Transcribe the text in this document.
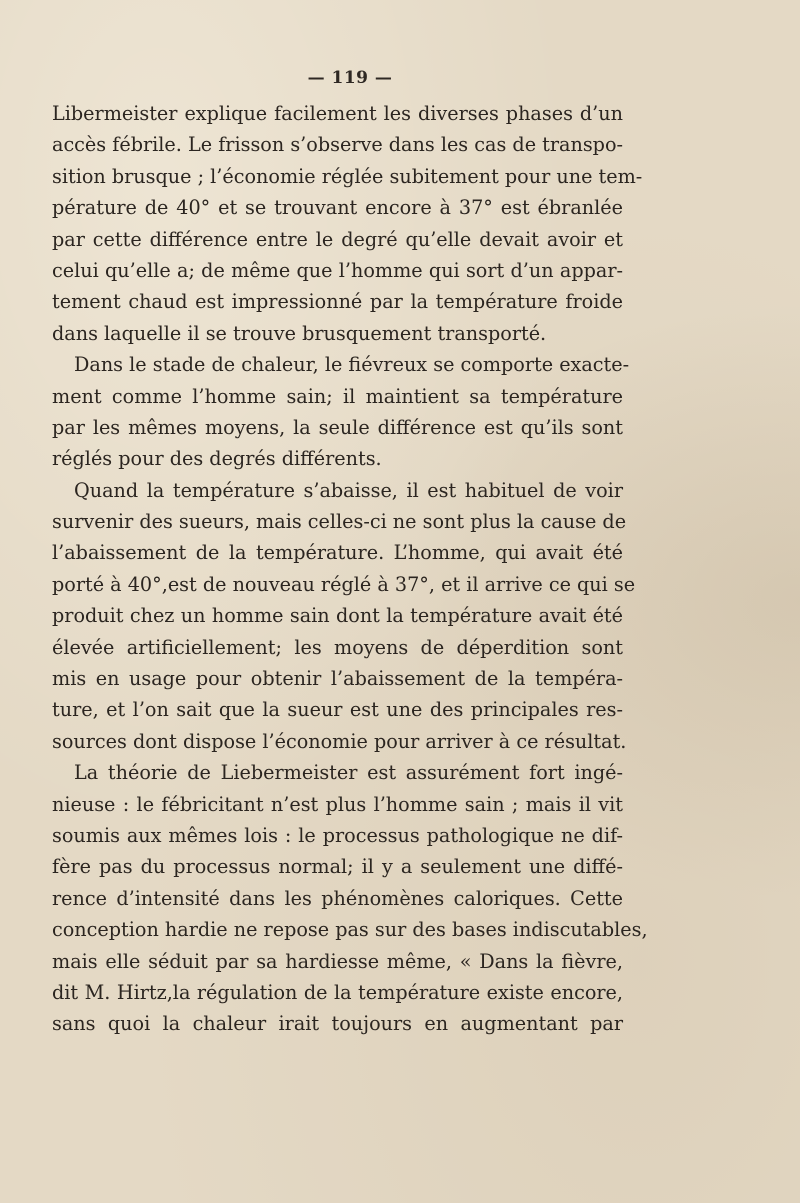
— 119 —
Libermeister explique facilement les diverses phases d’un
accès fébrile. Le frisson s’observe dans les cas de transpo-
sition brusque ; l’économie réglée subitement pour une tem-
pérature de 40° et se trouvant encore à 37° est ébranlée
par cette différence entre le degré qu’elle devait avoir et
celui qu’elle a; de même que l’homme qui sort d’un appar-
tement chaud est impressionné par la température froide
dans laquelle il se trouve brusquement transporté.
Dans le stade de chaleur, le fiévreux se comporte exacte-
ment comme l’homme sain; il maintient sa température
par les mêmes moyens, la seule différence est qu’ils sont
réglés pour des degrés différents.
Quand la température s’abaisse, il est habituel de voir
survenir des sueurs, mais celles-ci ne sont plus la cause de
l’abaissement de la température. L’homme, qui avait été
porté à 40°,est de nouveau réglé à 37°, et il arrive ce qui se
produit chez un homme sain dont la température avait été
élevée artificiellement; les moyens de déperdition sont
mis en usage pour obtenir l’abaissement de la tempéra-
ture, et l’on sait que la sueur est une des principales res-
sources dont dispose l’économie pour arriver à ce résultat.
La théorie de Liebermeister est assurément fort ingé-
nieuse : le fébricitant n’est plus l’homme sain ; mais il vit
soumis aux mêmes lois : le processus pathologique ne dif-
fère pas du processus normal; il y a seulement une diffé-
rence d’intensité dans les phénomènes caloriques. Cette
conception hardie ne repose pas sur des bases indiscutables,
mais elle séduit par sa hardiesse même, « Dans la fièvre,
dit M. Hirtz,la régulation de la température existe encore,
sans quoi la chaleur irait toujours en augmentant par
